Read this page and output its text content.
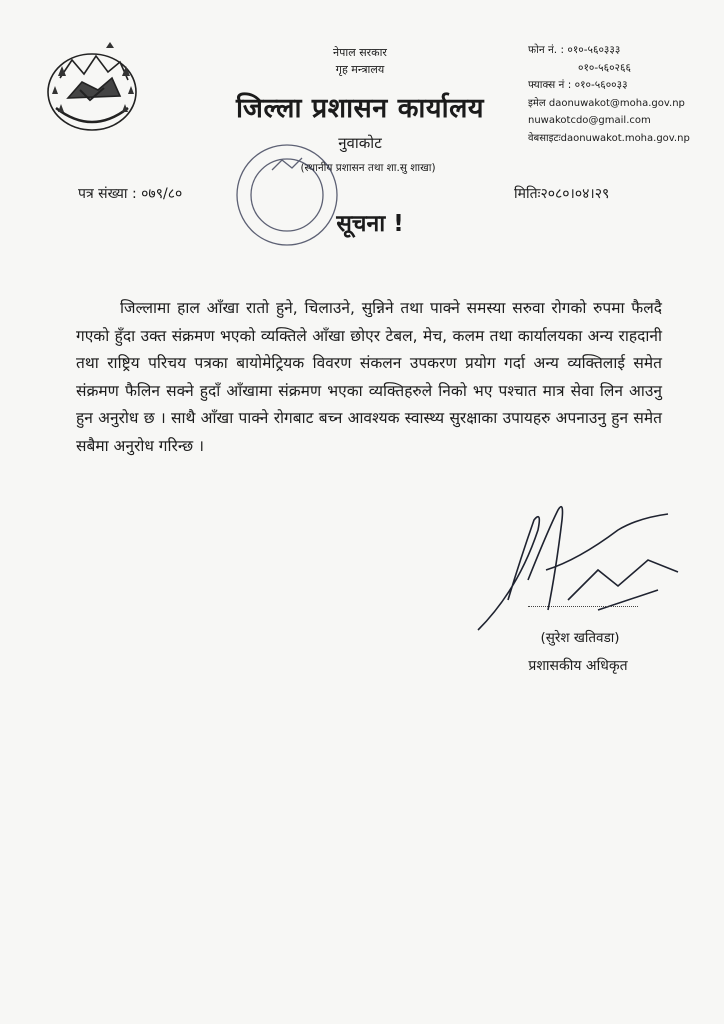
नेपाल सरकार
गृह मन्त्रालय
जिल्ला प्रशासन कार्यालय
नुवाकोट
(स्थानीय प्रशासन तथा शा.सु शाखा)
फोन नं. : ०१०-५६०३३३
०१०-५६०२६६
फ्याक्स नं : ०१०-५६००३३
इमेल daonuwakot@moha.gov.np
nuwakotcdo@gmail.com
वेबसाइटःdaonuwakot.moha.gov.np
पत्र संख्या : ०७९/८०	मितिः२०८०।०४।२९
सूचना !
जिल्लामा हाल आँखा रातो हुने, चिलाउने, सुन्निने तथा पाक्ने समस्या सरुवा रोगको रुपमा फैलदै गएको हुँदा उक्त संक्रमण भएको व्यक्तिले आँखा छोएर टेबल, मेच, कलम तथा कार्यालयका अन्य राहदानी तथा राष्ट्रिय परिचय पत्रका बायोमेट्रियक विवरण संकलन उपकरण प्रयोग गर्दा अन्य व्यक्तिलाई समेत संक्रमण फैलिन सक्ने हुदाँ आँखामा संक्रमण भएका व्यक्तिहरुले निको भए पश्चात मात्र सेवा लिन आउनु हुन अनुरोध छ । साथै आँखा पाक्ने रोगबाट बच्न आवश्यक स्वास्थ्य सुरक्षाका उपायहरु अपनाउनु हुन समेत सबैमा अनुरोध गरिन्छ ।
(सुरेश खतिवडा)
प्रशासकीय अधिकृत
